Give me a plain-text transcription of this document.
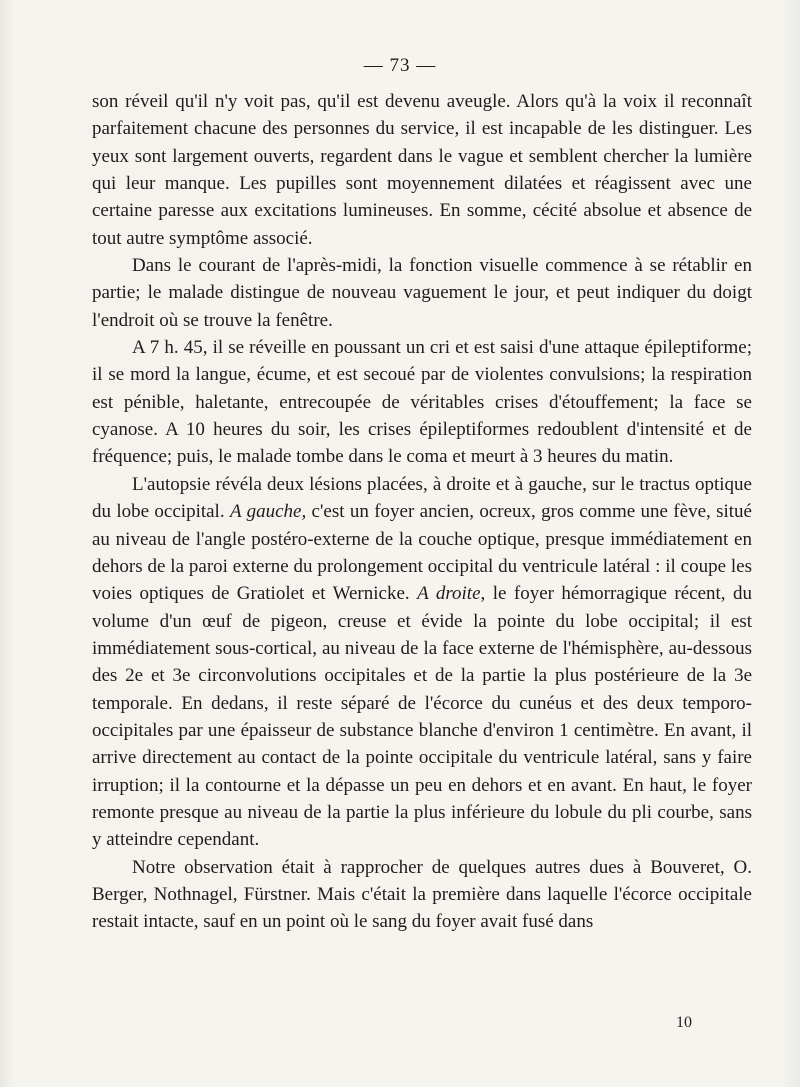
— 73 —

son réveil qu'il n'y voit pas, qu'il est devenu aveugle. Alors qu'à la voix il reconnaît parfaitement chacune des personnes du service, il est incapable de les distinguer. Les yeux sont largement ouverts, regardent dans le vague et semblent chercher la lumière qui leur manque. Les pupilles sont moyennement dilatées et réagissent avec une certaine paresse aux excitations lumineuses. En somme, cécité absolue et absence de tout autre symptôme associé.

Dans le courant de l'après-midi, la fonction visuelle commence à se rétablir en partie; le malade distingue de nouveau vaguement le jour, et peut indiquer du doigt l'endroit où se trouve la fenêtre.

A 7 h. 45, il se réveille en poussant un cri et est saisi d'une attaque épileptiforme; il se mord la langue, écume, et est secoué par de violentes convulsions; la respiration est pénible, haletante, entrecoupée de véritables crises d'étouffement; la face se cyanose. A 10 heures du soir, les crises épileptiformes redoublent d'intensité et de fréquence; puis, le malade tombe dans le coma et meurt à 3 heures du matin.

L'autopsie révéla deux lésions placées, à droite et à gauche, sur le tractus optique du lobe occipital. A gauche, c'est un foyer ancien, ocreux, gros comme une fève, situé au niveau de l'angle postéro-externe de la couche optique, presque immédiatement en dehors de la paroi externe du prolongement occipital du ventricule latéral : il coupe les voies optiques de Gratiolet et Wernicke. A droite, le foyer hémorragique récent, du volume d'un œuf de pigeon, creuse et évide la pointe du lobe occipital; il est immédiatement sous-cortical, au niveau de la face externe de l'hémisphère, au-dessous des 2e et 3e circonvolutions occipitales et de la partie la plus postérieure de la 3e temporale. En dedans, il reste séparé de l'écorce du cunéus et des deux temporo-occipitales par une épaisseur de substance blanche d'environ 1 centimètre. En avant, il arrive directement au contact de la pointe occipitale du ventricule latéral, sans y faire irruption; il la contourne et la dépasse un peu en dehors et en avant. En haut, le foyer remonte presque au niveau de la partie la plus inférieure du lobule du pli courbe, sans y atteindre cependant.

Notre observation était à rapprocher de quelques autres dues à Bouveret, O. Berger, Nothnagel, Fürstner. Mais c'était la première dans laquelle l'écorce occipitale restait intacte, sauf en un point où le sang du foyer avait fusé dans

10
